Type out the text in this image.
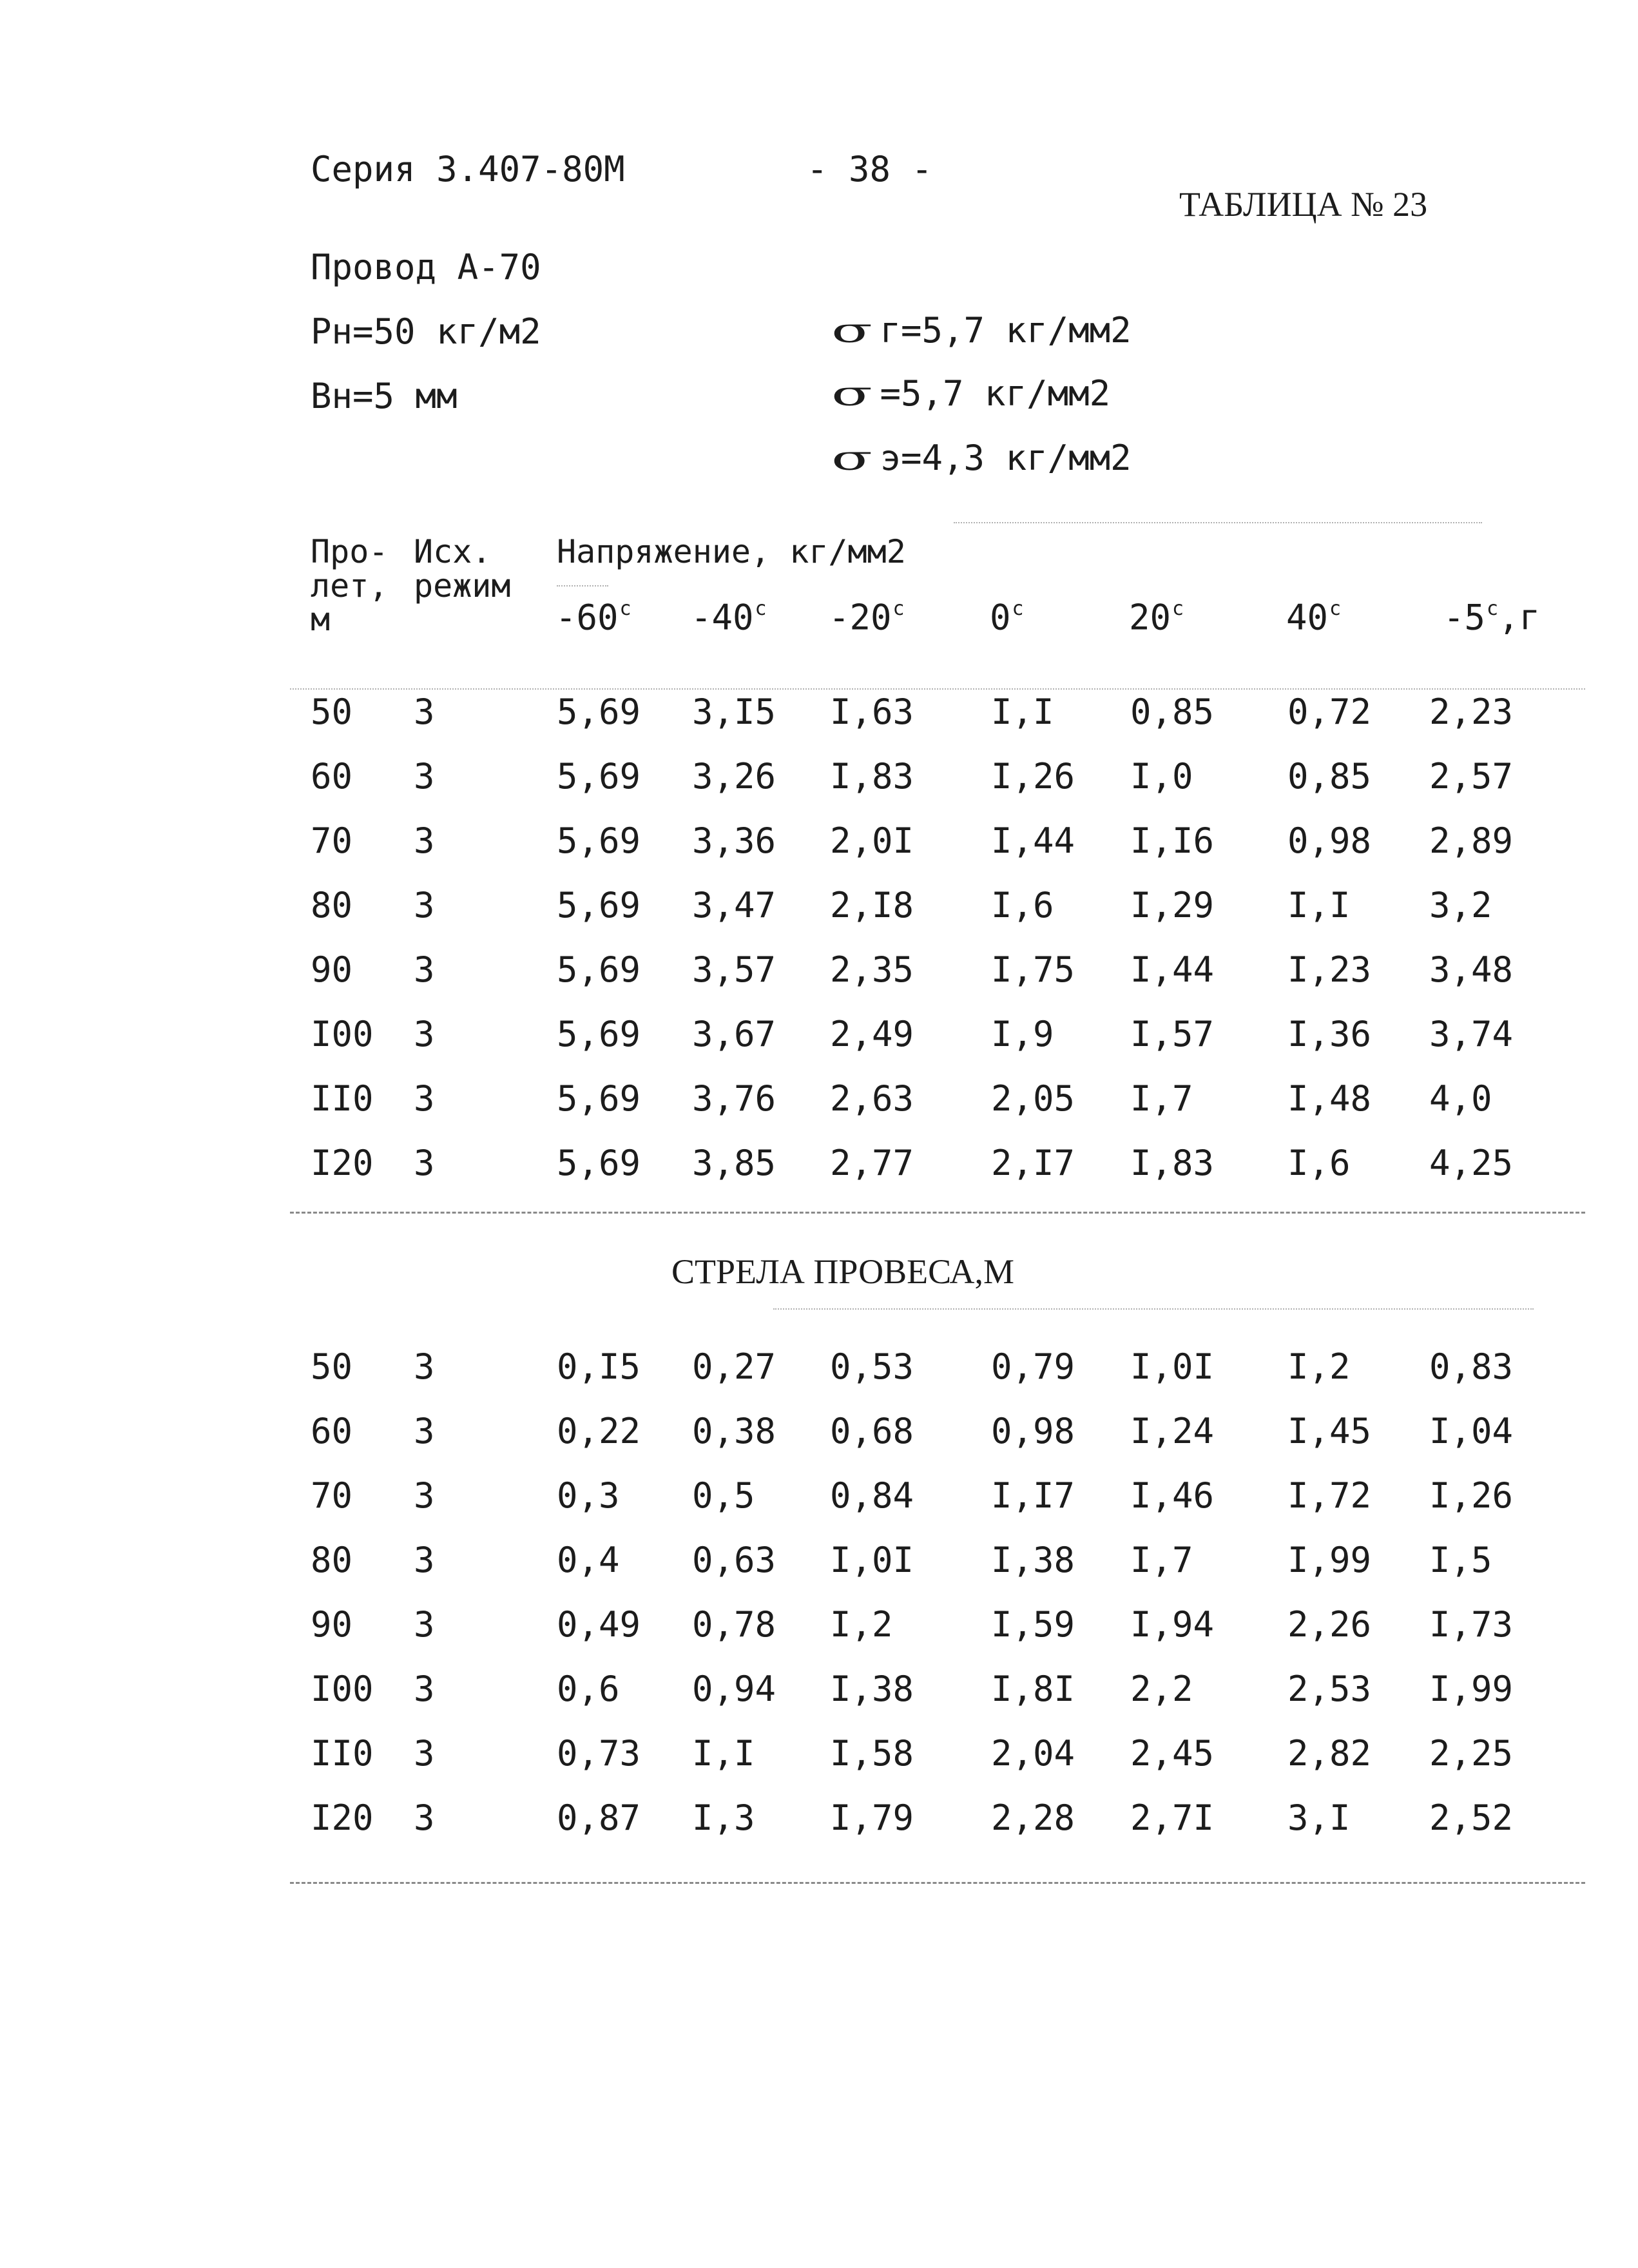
Серия 3.407-80М	- 38 -
ТАБЛИЦА № 23
Провод А-70
Рн=50 кг/м2
Вн=5 мм
σ г=5,7 кг/мм2
σ =5,7 кг/мм2
σ э=4,3 кг/мм2
Про-
лет,
м
Исх.
режим
Напряжение, кг/мм2
-60$^c$ -40$^c$ -20$^c$ 0$^c$	20$^c$	40$^c$	-5$^c$,г
50	3	5,69	3,I5	I,63	I,I	0,85	0,72	2,23
60	3	5,69	3,26	I,83	I,26	I,0	0,85	2,57
70	3	5,69	3,36	2,0I	I,44	I,I6	0,98	2,89
80	3	5,69	3,47	2,I8	I,6	I,29	I,I	3,2
90	3	5,69	3,57	2,35	I,75	I,44	I,23	3,48
I00	3	5,69	3,67	2,49	I,9	I,57	I,36	3,74
II0	3	5,69	3,76	2,63	2,05	I,7	I,48	4,0
I20	3	5,69	3,85	2,77	2,I7	I,83	I,6	4,25
СТРЕЛА ПРОВЕСА,М
50	3	0,I5	0,27	0,53	0,79	I,0I	I,2	0,83
60	3	0,22	0,38	0,68	0,98	I,24	I,45	I,04
70	3	0,3	0,5	0,84	I,I7	I,46	I,72	I,26
80	3	0,4	0,63	I,0I	I,38	I,7	I,99	I,5
90	3	0,49	0,78	I,2	I,59	I,94	2,26	I,73
I00	3	0,6	0,94	I,38	I,8I	2,2	2,53	I,99
II0	3	0,73	I,I	I,58	2,04	2,45	2,82	2,25
I20	3	0,87	I,3	I,79	2,28	2,7I	3,I	2,52
